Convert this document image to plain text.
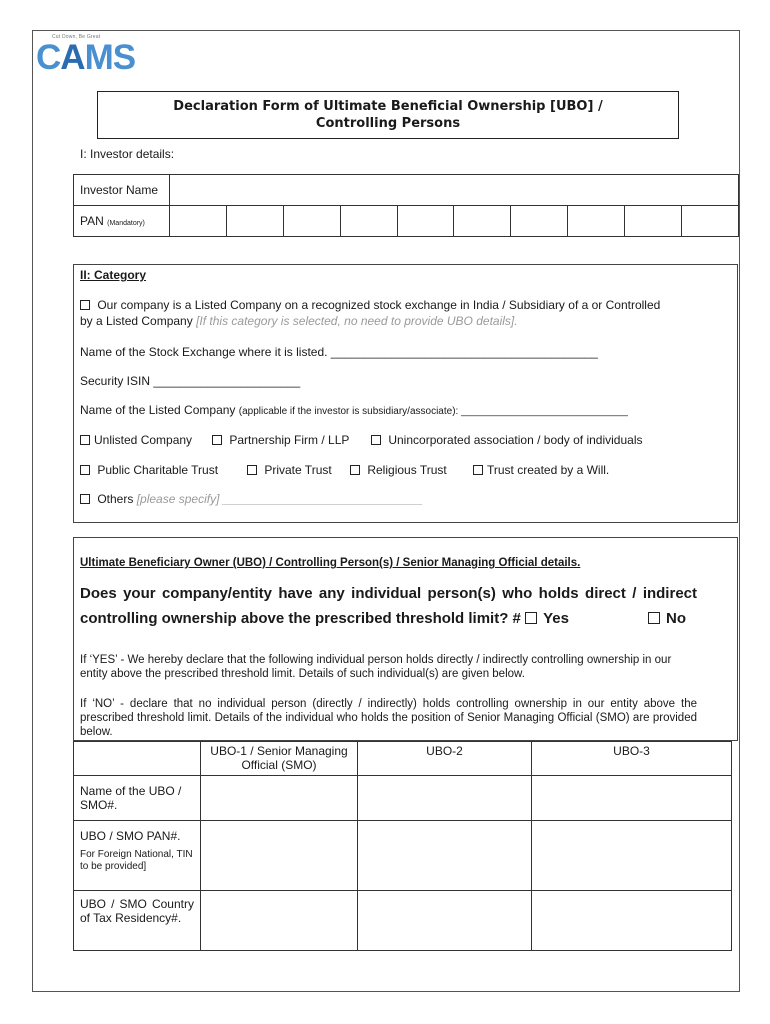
Cut Down, Be Great
CAMS
Declaration Form of Ultimate Beneficial Ownership [UBO] /
Controlling Persons
I: Investor details:
Investor Name										
PAN (Mandatory)										
II: Category
Our company is a Listed Company on a recognized stock exchange in India / Subsidiary of a or Controlled
by a Listed Company [If this category is selected, no need to provide UBO details].
Name of the Stock Exchange where it is listed. ________________________________________
Security ISIN ______________________
Name of the Listed Company (applicable if the investor is subsidiary/associate): ______________________________
Unlisted Company	Partnership Firm / LLP	Unincorporated association / body of individuals
Public Charitable Trust	Private Trust	Religious Trust	Trust created by a Will.
Others [please specify] ______________________________
Ultimate Beneficiary Owner (UBO) / Controlling Person(s) / Senior Managing Official details.
Does your company/entity have any individual person(s) who holds direct / indirect
controlling ownership above the prescribed threshold limit? # Yes	No
If ‘YES’ - We hereby declare that the following individual person holds directly / indirectly controlling ownership in our entity above the prescribed threshold limit. Details of such individual(s) are given below.
If ‘NO’ - declare that no individual person (directly / indirectly) holds controlling ownership in our entity above the prescribed threshold limit. Details of the individual who holds the position of Senior Managing Official (SMO) are provided below.
	UBO-1 / Senior Managing Official (SMO)	UBO-2	UBO-3
Name of the UBO / SMO#.			
UBO / SMO PAN#.
For Foreign National, TIN to be provided]			

UBO / SMO Country of Tax Residency#.			
